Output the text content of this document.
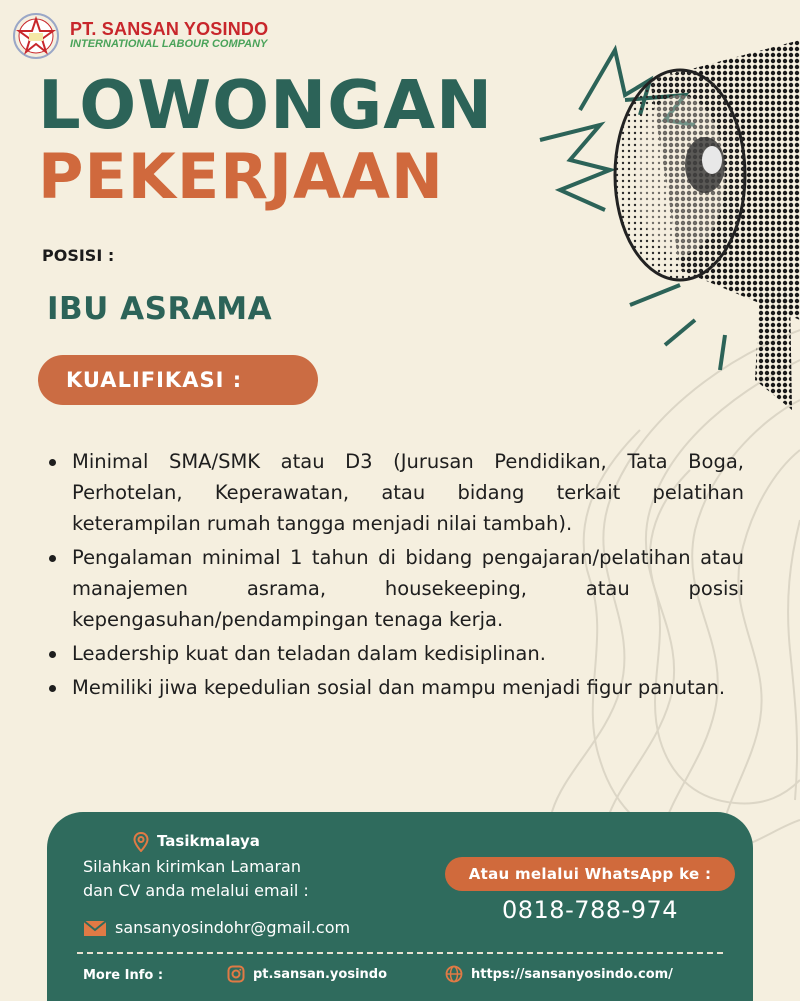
PT. SANSAN YOSINDO
INTERNATIONAL LABOUR COMPANY
LOWONGAN
PEKERJAAN
POSISI :
IBU ASRAMA
KUALIFIKASI :
Minimal SMA/SMK atau D3 (Jurusan Pendidikan, Tata Boga, Perhotelan, Keperawatan, atau bidang terkait pelatihan keterampilan rumah tangga menjadi nilai tambah).
Pengalaman minimal 1 tahun di bidang pengajaran/pelatihan atau manajemen asrama, housekeeping, atau posisi kepengasuhan/pendampingan tenaga kerja.
Leadership kuat dan teladan dalam kedisiplinan.
Memiliki jiwa kepedulian sosial dan mampu menjadi figur panutan.
Tasikmalaya
Silahkan kirimkan Lamaran
dan CV anda melalui email :
sansanyosindohr@gmail.com
Atau melalui WhatsApp ke :
0818-788-974
More Info :	pt.sansan.yosindo	https://sansanyosindo.com/
